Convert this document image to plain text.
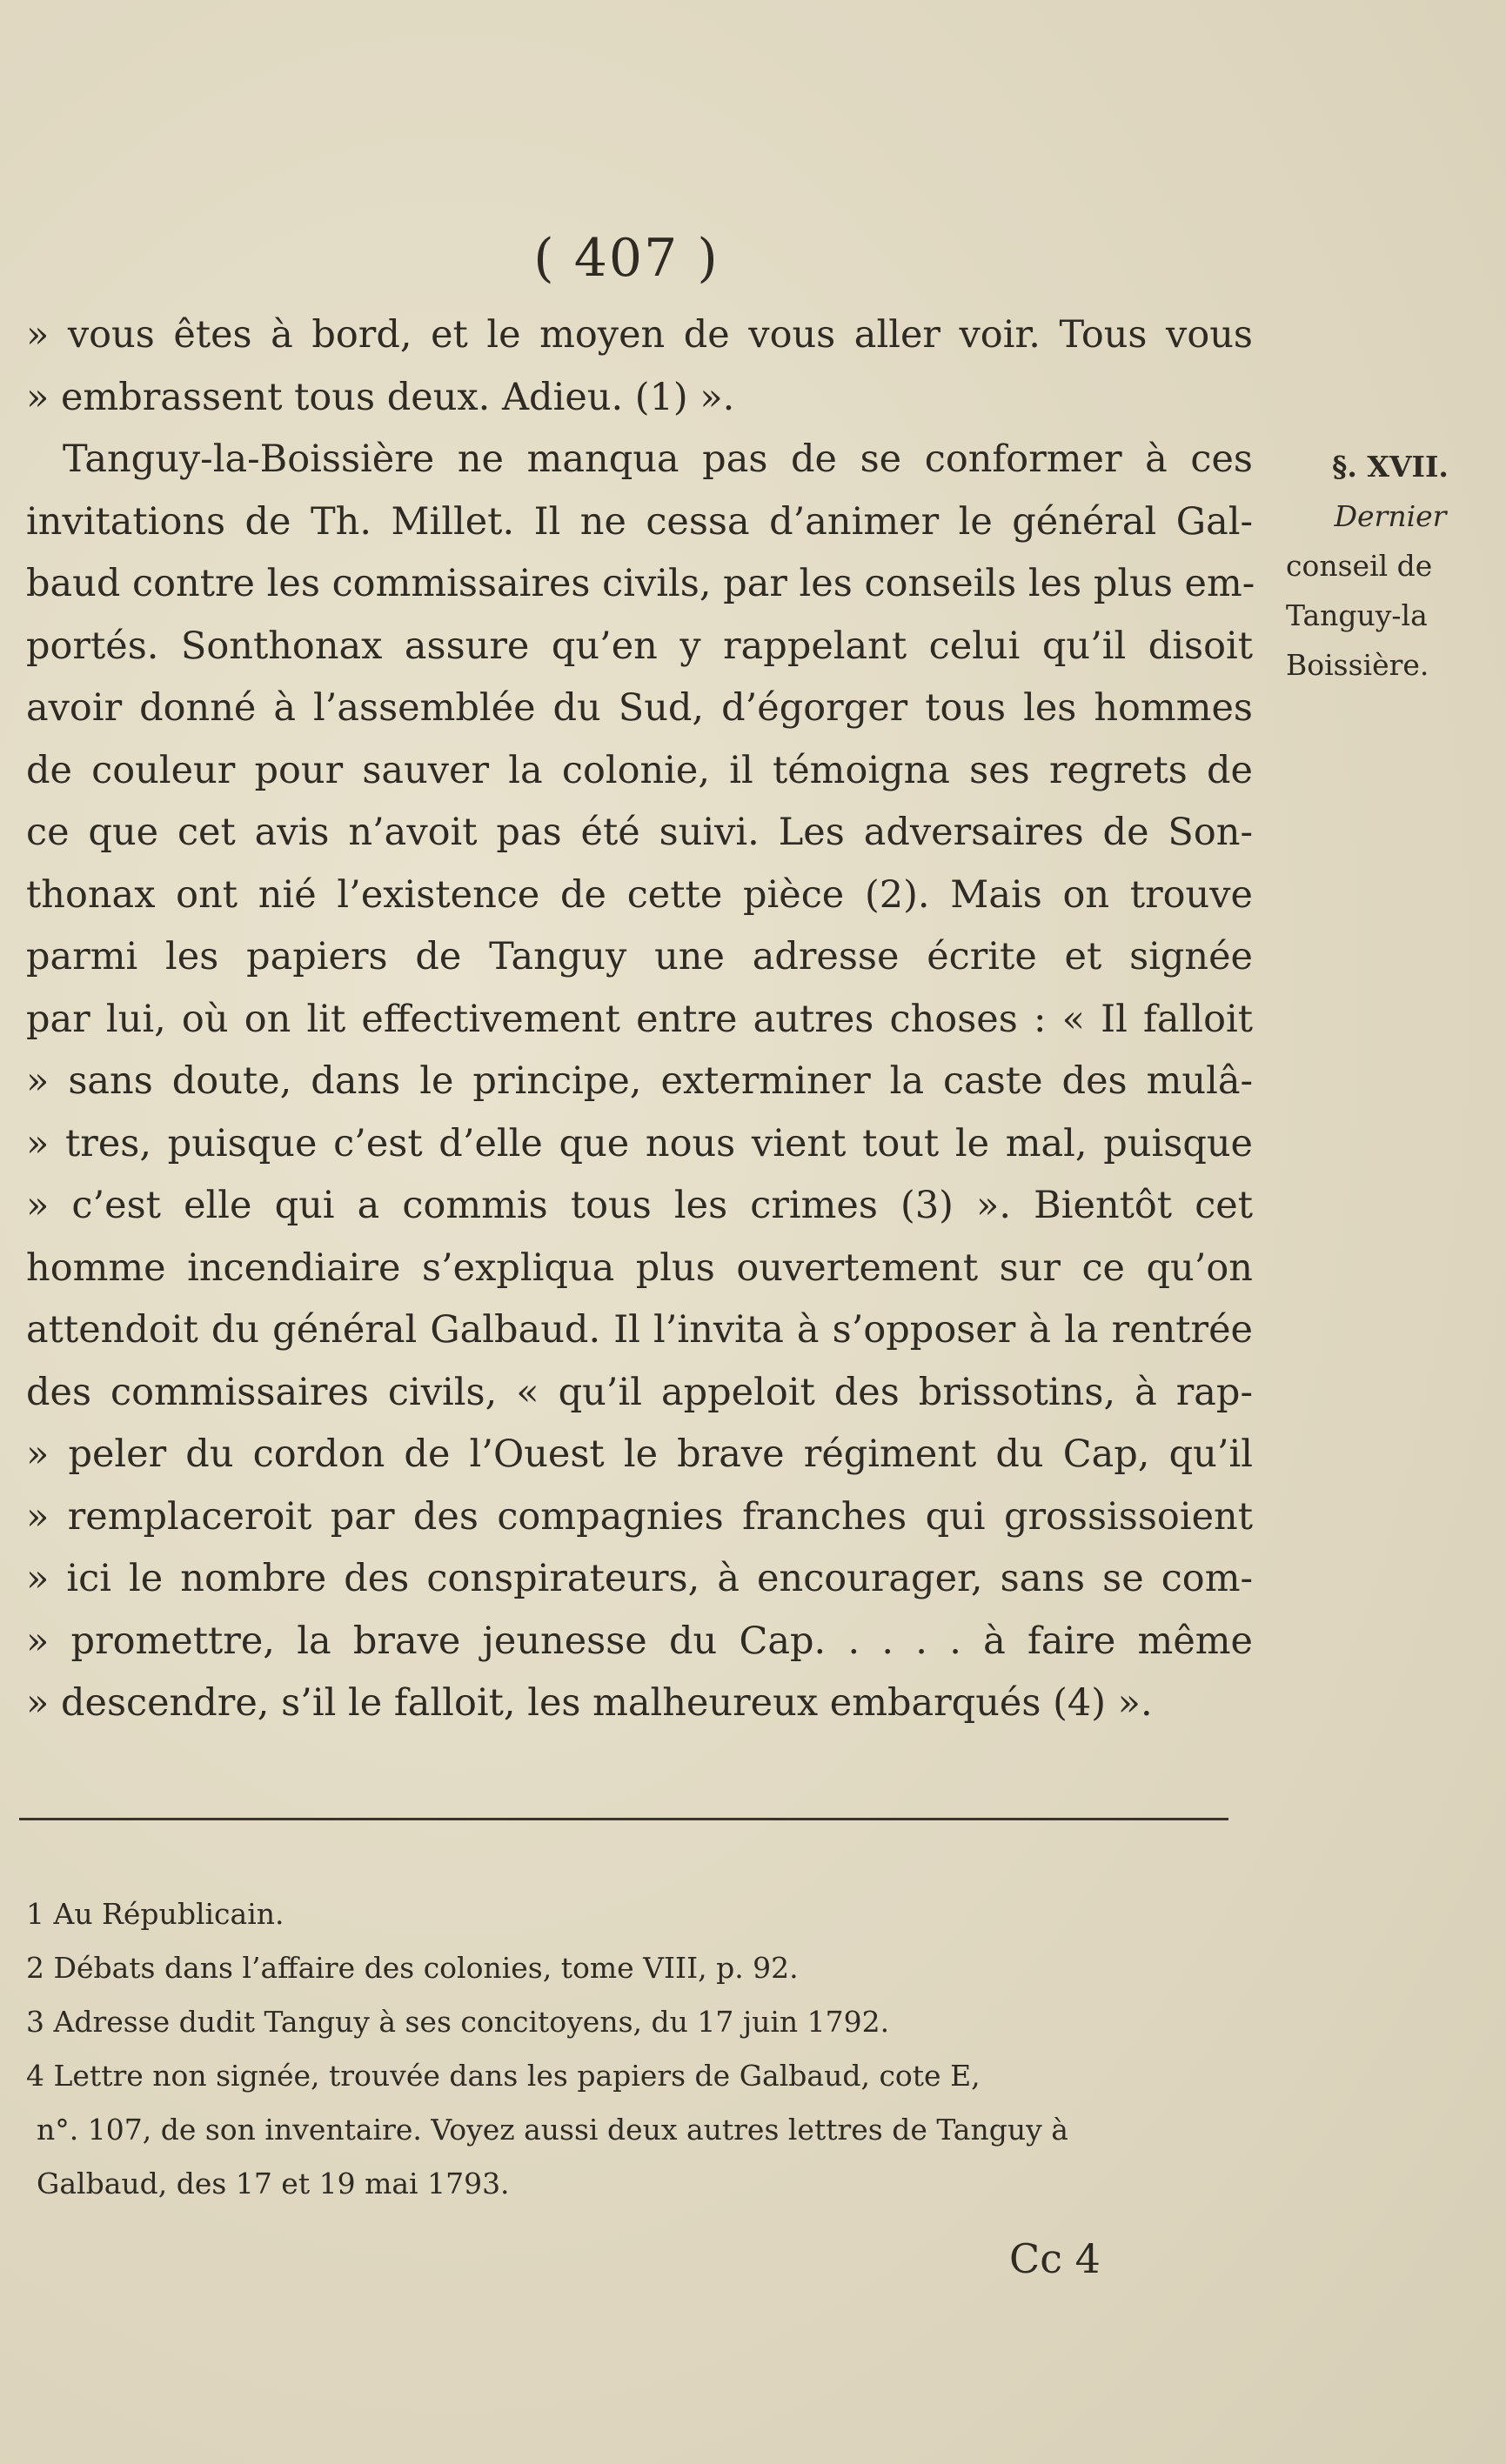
( 407 )
» vous êtes à bord, et le moyen de vous aller voir. Tous vous
» embrassent tous deux. Adieu. (1) ».
Tanguy-la-Boissière ne manqua pas de se conformer à ces
invitations de Th. Millet. Il ne cessa d’animer le général Gal-
baud contre les commissaires civils, par les conseils les plus em-
portés. Sonthonax assure qu’en y rappelant celui qu’il disoit
avoir donné à l’assemblée du Sud, d’égorger tous les hommes
de couleur pour sauver la colonie, il témoigna ses regrets de
ce que cet avis n’avoit pas été suivi. Les adversaires de Son-
thonax ont nié l’existence de cette pièce (2). Mais on trouve
parmi les papiers de Tanguy une adresse écrite et signée
par lui, où on lit effectivement entre autres choses : « Il falloit
» sans doute, dans le principe, exterminer la caste des mulâ-
» tres, puisque c’est d’elle que nous vient tout le mal, puisque
» c’est elle qui a commis tous les crimes (3) ». Bientôt cet
homme incendiaire s’expliqua plus ouvertement sur ce qu’on
attendoit du général Galbaud. Il l’invita à s’opposer à la rentrée
des commissaires civils, « qu’il appeloit des brissotins, à rap-
» peler du cordon de l’Ouest le brave régiment du Cap, qu’il
» remplaceroit par des compagnies franches qui grossissoient
» ici le nombre des conspirateurs, à encourager, sans se com-
» promettre, la brave jeunesse du Cap. . . . . à faire même
» descendre, s’il le falloit, les malheureux embarqués (4) ».
§. XVII.
Dernier
conseil de
Tanguy-la
Boissière.
1 Au Républicain.
2 Débats dans l’affaire des colonies, tome VIII, p. 92.
3 Adresse dudit Tanguy à ses concitoyens, du 17 juin 1792.
4 Lettre non signée, trouvée dans les papiers de Galbaud, cote E,
n°. 107, de son inventaire. Voyez aussi deux autres lettres de Tanguy à
Galbaud, des 17 et 19 mai 1793.
Cc 4
